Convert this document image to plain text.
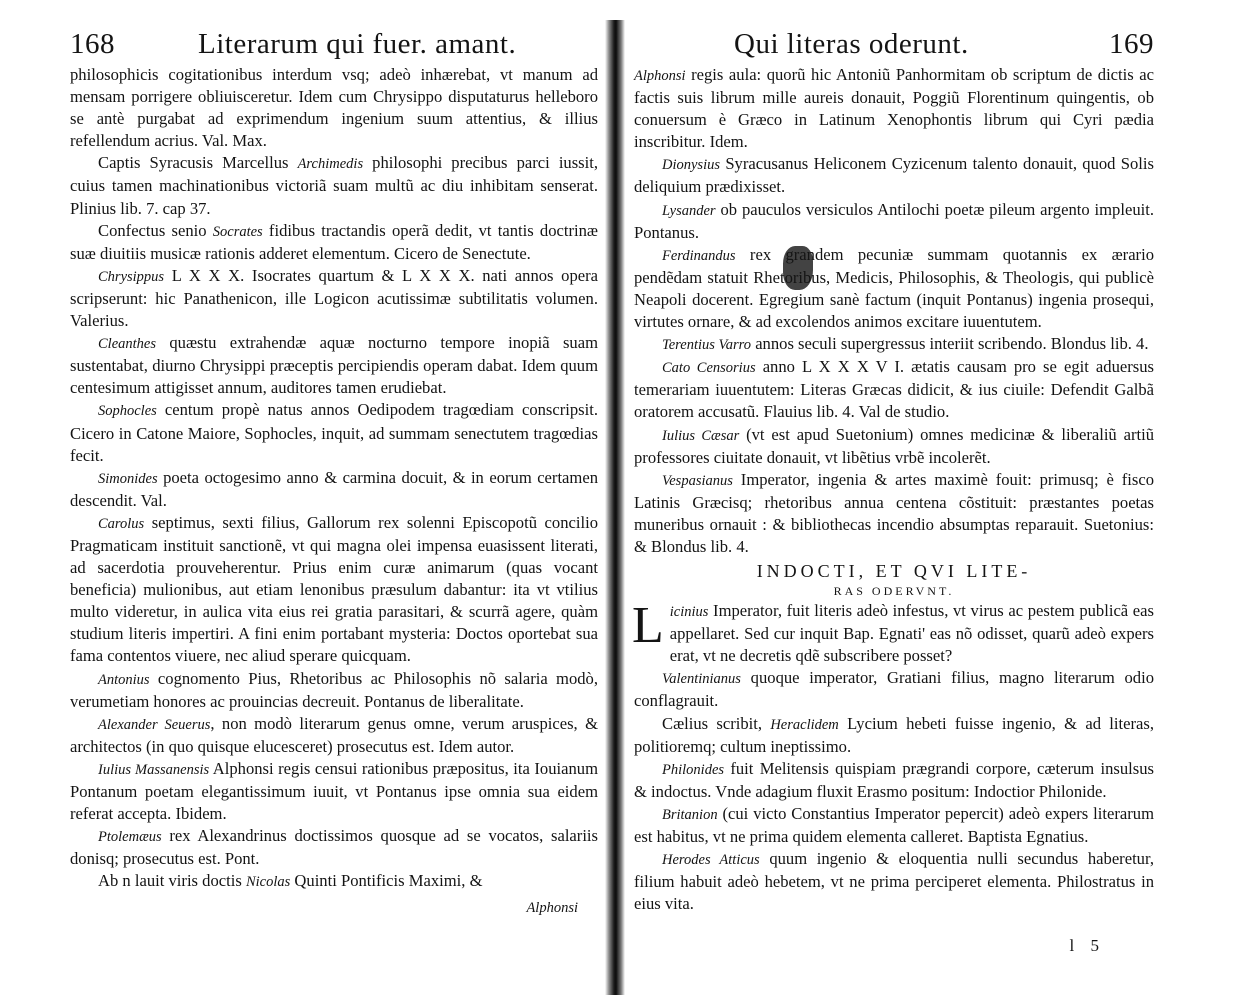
168	Literarum qui fuer. amant.

philosophicis cogitationibus interdum vsq; adeò inhærebat, vt manum ad mensam porrigere obliuisceretur. Idem cum Chrysippo disputaturus helleboro se antè purgabat ad exprimendum ingenium suum attentius, & illius refellendum acrius. Val. Max.

Captis Syracusis Marcellus Archimedis philosophi precibus parci iussit, cuius tamen machinationibus victoriã suam multũ ac diu inhibitam senserat. Plinius lib. 7. cap 37.

Confectus senio Socrates fidibus tractandis operã dedit, vt tantis doctrinæ suæ diuitiis musicæ rationis adderet elementum. Cicero de Senectute.

Chrysippus L X X X. Isocrates quartum & L X X X. nati annos opera scripserunt: hic Panathenicon, ille Logicon acutissimæ subtilitatis volumen. Valerius.

Cleanthes quæstu extrahendæ aquæ nocturno tempore inopiã suam sustentabat, diurno Chrysippi præceptis percipiendis operam dabat. Idem quum centesimum attigisset annum, auditores tamen erudiebat.

Sophocles centum propè natus annos Oedipodem tragœdiam conscripsit. Cicero in Catone Maiore, Sophocles, inquit, ad summam senectutem tragœdias fecit.

Simonides poeta octogesimo anno & carmina docuit, & in eorum certamen descendit. Val.

Carolus septimus, sexti filius, Gallorum rex solenni Episcopotũ concilio Pragmaticam instituit sanctionẽ, vt qui magna olei impensa euasissent literati, ad sacerdotia prouveherentur. Prius enim curæ animarum (quas vocant beneficia) mulionibus, aut etiam lenonibus præsulum dabantur: ita vt vtilius multo videretur, in aulica vita eius rei gratia parasitari, & scurrã agere, quàm studium literis impertiri. A fini enim portabant mysteria: Doctos oportebat sua fama contentos viuere, nec aliud sperare quicquam.

Antonius cognomento Pius, Rhetoribus ac Philosophis nõ salaria modò, verumetiam honores ac prouincias decreuit. Pontanus de liberalitate.

Alexander Seuerus, non modò literarum genus omne, verum aruspices, & architectos (in quo quisque elucesceret) prosecutus est. Idem autor.

Iulius Massanensis Alphonsi regis censui rationibus præpositus, ita Iouianum Pontanum poetam elegantissimum iuuit, vt Pontanus ipse omnia sua eidem referat accepta. Ibidem.

Ptolemæus rex Alexandrinus doctissimos quosque ad se vocatos, salariis donisq; prosecutus est. Pont.

Ab n lauit viris doctis Nicolas Quinti Pontificis Maximi, &

Alphonsi

Qui literas oderunt.	169

Alphonsi regis aula: quorũ hic Antoniũ Panhormitam ob scriptum de dictis ac factis suis librum mille aureis donauit, Poggiũ Florentinum quingentis, ob conuersum è Græco in Latinum Xenophontis librum qui Cyri pædia inscribitur. Idem.

Dionysius Syracusanus Heliconem Cyzicenum talento donauit, quod Solis deliquium prædixisset.

Lysander ob pauculos versiculos Antilochi poetæ pileum argento impleuit. Pontanus.

Ferdinandus rex grandem pecuniæ summam quotannis ex ærario pendẽdam statuit Rhetoribus, Medicis, Philosophis, & Theologis, qui publicè Neapoli docerent. Egregium sanè factum (inquit Pontanus) ingenia prosequi, virtutes ornare, & ad excolendos animos excitare iuuentutem.

Terentius Varro annos seculi supergressus interiit scribendo. Blondus lib. 4.

Cato Censorius anno L X X X V I. ætatis causam pro se egit aduersus temerariam iuuentutem: Literas Græcas didicit, & ius ciuile: Defendit Galbã oratorem accusatũ. Flauius lib. 4. Val de studio.

Iulius Cæsar (vt est apud Suetonium) omnes medicinæ & liberaliũ artiũ professores ciuitate donauit, vt libẽtius vrbẽ incolerẽt.

Vespasianus Imperator, ingenia & artes maximè fouit: primusq; è fisco Latinis Græcisq; rhetoribus annua centena cõstituit: præstantes poetas muneribus ornauit : & bibliothecas incendio absumptas reparauit. Suetonius: & Blondus lib. 4.

INDOCTI, ET QVI LITE-

RAS ODERVNT.

Licinius Imperator, fuit literis adeò infestus, vt virus ac pestem publicã eas appellaret. Sed cur inquit Bap. Egnati' eas nõ odisset, quarũ adeò expers erat, vt ne decretis qdẽ subscribere posset?

Valentinianus quoque imperator, Gratiani filius, magno literarum odio conflagrauit.

Cælius scribit, Heraclidem Lycium hebeti fuisse ingenio, & ad literas, politioremq; cultum ineptissimo.

Philonides fuit Melitensis quispiam prægrandi corpore, cæterum insulsus & indoctus. Vnde adagium fluxit Erasmo positum: Indoctior Philonide.

Britanion (cui victo Constantius Imperator pepercit) adeò expers literarum est habitus, vt ne prima quidem elementa calleret. Baptista Egnatius.

Herodes Atticus quum ingenio & eloquentia nulli secundus haberetur, filium habuit adeò hebetem, vt ne prima perciperet elementa. Philostratus in eius vita.

l 5
